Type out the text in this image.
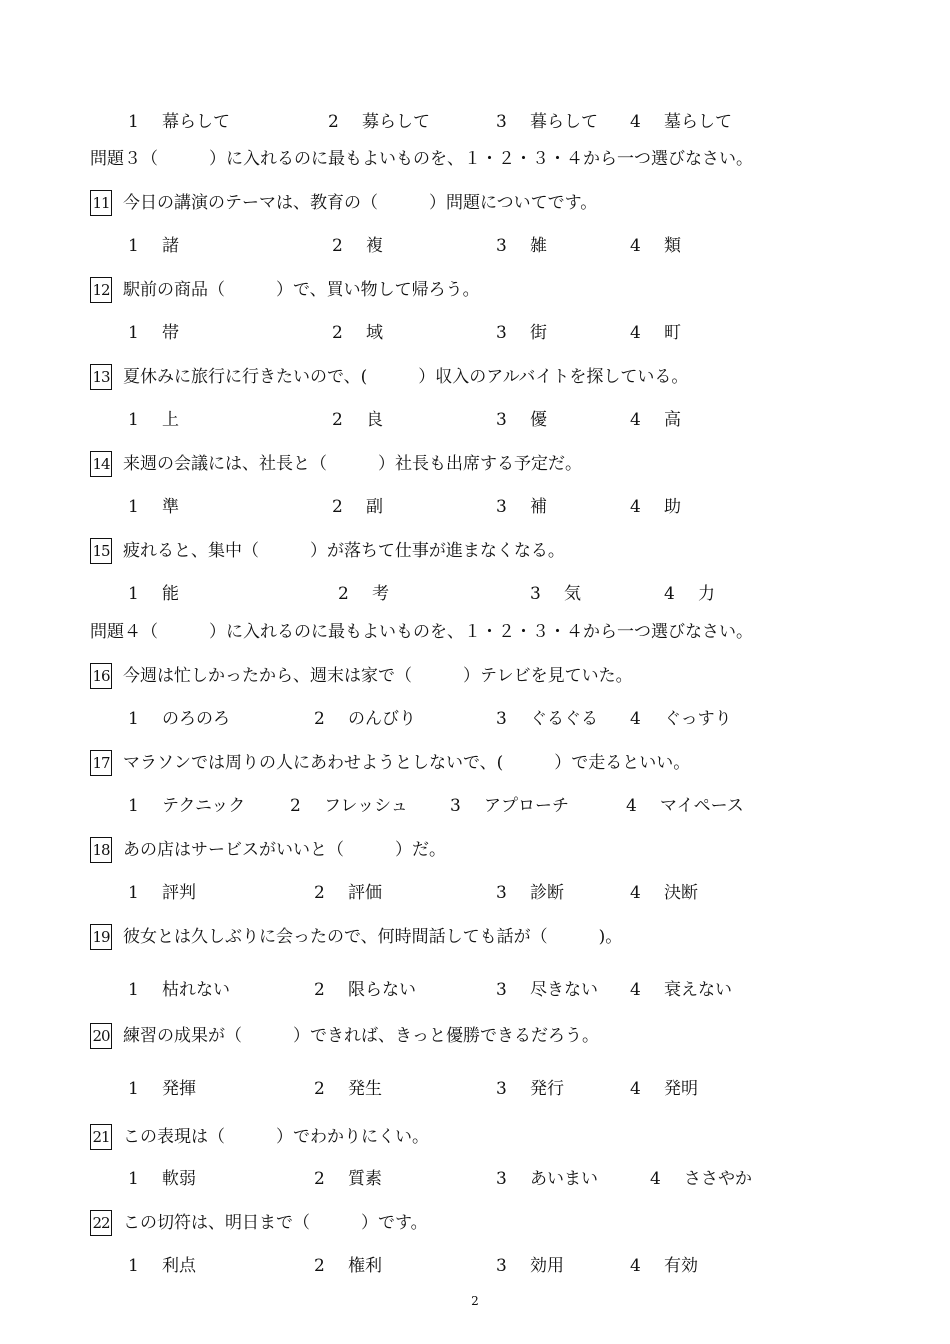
1 幕らして	2 募らして	3 暮らして 4 墓らして
問題３（　　　）に入れるのに最もよいものを、１・２・３・４から一つ選びなさい。
11 今日の講演のテーマは、教育の（　　　）問題についてです。
1 諸	2 複	3 雑	4 類
12 駅前の商品（　　　）で、買い物して帰ろう。
1 帯	2 域	3 街	4 町
13 夏休みに旅行に行きたいので、(　　　）収入のアルバイトを探している。
1 上	2 良	3 優	4 高
14 来週の会議には、社長と（　　　）社長も出席する予定だ。
1 準	2 副	3 補	4 助
15 疲れると、集中（　　　）が落ちて仕事が進まなくなる。
1 能	2 考	3 気	4 力
問題４（　　　）に入れるのに最もよいものを、１・２・３・４から一つ選びなさい。
16 今週は忙しかったから、週末は家で（　　　）テレビを見ていた。
1 のろのろ	2 のんびり	3 ぐるぐる 4 ぐっすり
17 マラソンでは周りの人にあわせようとしないで、(　　　）で走るといい。
1 テクニック	2 フレッシュ 3 アプローチ	4 マイペース
18 あの店はサービスがいいと（　　　）だ。
1 評判	2 評価	3 診断	4 決断
19 彼女とは久しぶりに会ったので、何時間話しても話が（　　　)。
1 枯れない	2 限らない	3 尽きない 4 衰えない
20 練習の成果が（　　　）できれば、きっと優勝できるだろう。
1 発揮	2 発生	3 発行	4 発明
21 この表現は（　　　）でわかりにくい。
1 軟弱	2 質素	3 あいまい	4 ささやか
22 この切符は、明日まで（　　　）です。
1 利点	2 権利	3 効用	4 有効
2
